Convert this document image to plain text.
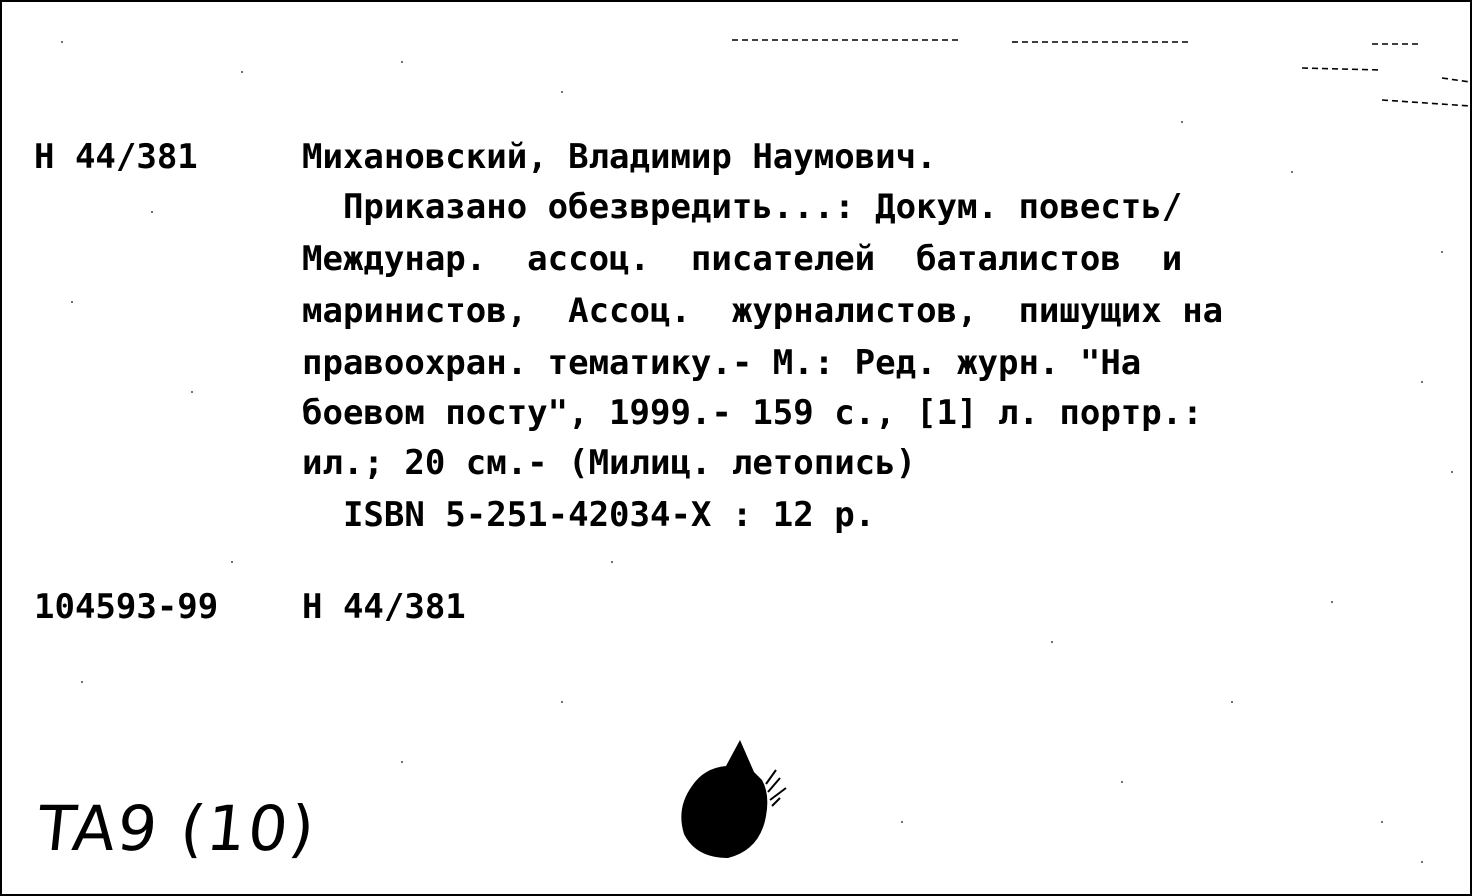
Н 44/381	Михановский, Владимир Наумович.
Приказано обезвредить...: Докум. повесть/
Междунар.  ассоц.  писателей  баталистов  и
маринистов,  Ассоц.  журналистов,  пишущих на
правоохран. тематику.- М.: Ред. журн. "На
боевом посту", 1999.- 159 с., [1] л. портр.:
ил.; 20 см.- (Милиц. летопись)
ISBN 5-251-42034-X : 12 р.
104593-99 Н 44/381
TA9 (10)
